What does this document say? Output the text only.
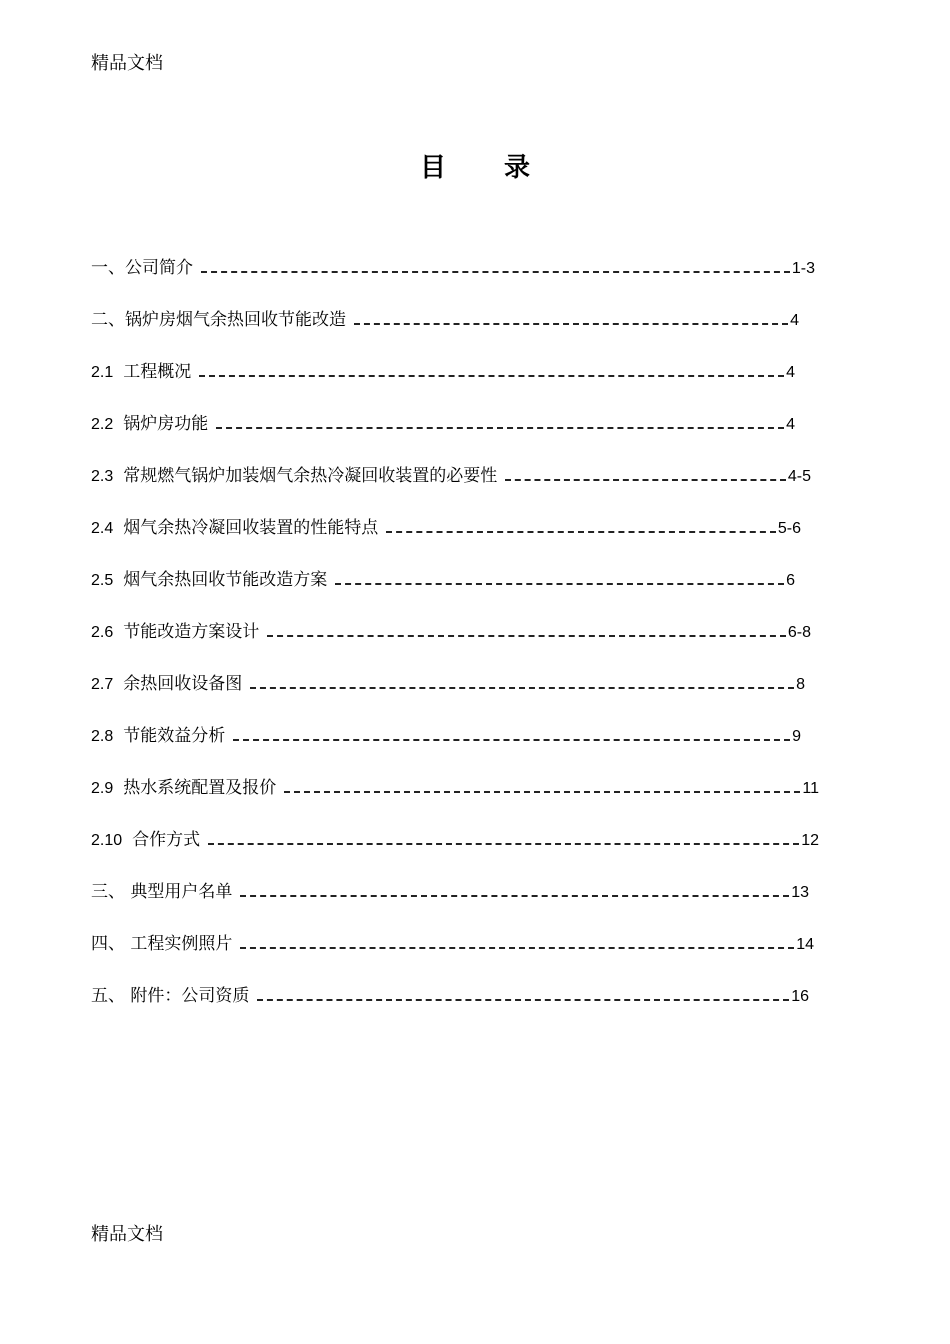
精品文档
目录
一、公司简介	1-3
二、锅炉房烟气余热回收节能改造	4
2.1 工程概况	4
2.2 锅炉房功能	4
2.3 常规燃气锅炉加装烟气余热冷凝回收装置的必要性	4-5
2.4 烟气余热冷凝回收装置的性能特点	5-6
2.5 烟气余热回收节能改造方案	6
2.6 节能改造方案设计	6-8
2.7 余热回收设备图	8
2.8 节能效益分析	9
2.9 热水系统配置及报价	11
2.10 合作方式	12
三、 典型用户名单	13
四、 工程实例照片	14
五、 附件：公司资质	16
精品文档
